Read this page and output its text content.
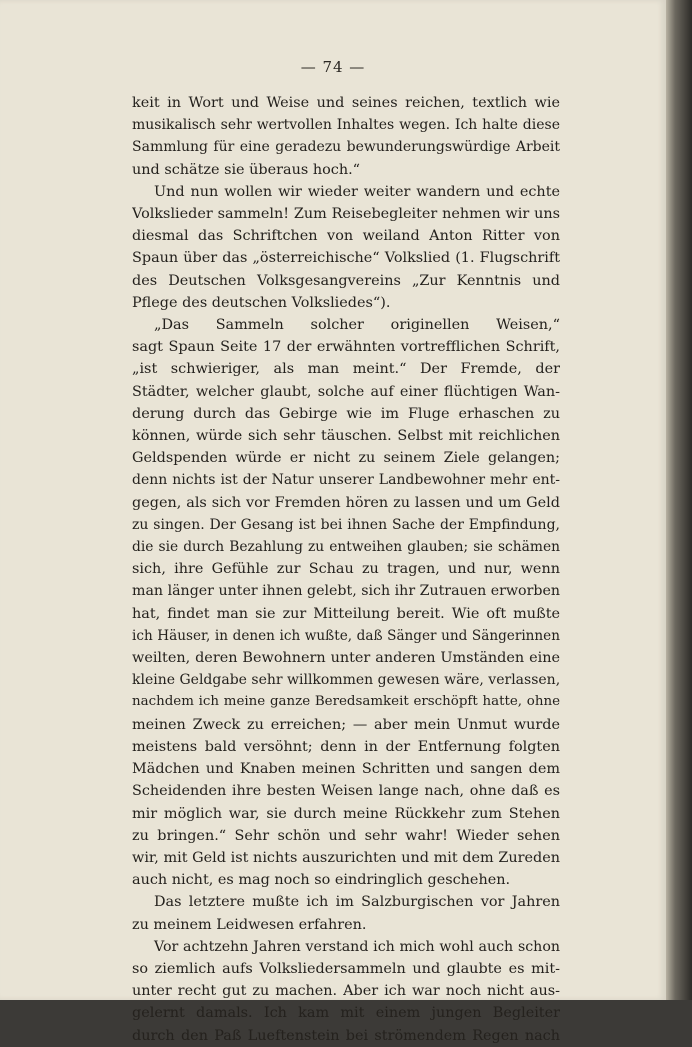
— 74 —
keit in Wort und Weise und seines reichen, textlich wie
musikalisch sehr wertvollen Inhaltes wegen. Ich halte diese
Sammlung für eine geradezu bewunderungswürdige Arbeit
und schätze sie überaus hoch.“
Und nun wollen wir wieder weiter wandern und echte
Volkslieder sammeln! Zum Reisebegleiter nehmen wir uns
diesmal das Schriftchen von weiland Anton Ritter von
Spaun über das „österreichische“ Volkslied (1. Flugschrift
des Deutschen Volksgesangvereins „Zur Kenntnis und
Pflege des deutschen Volksliedes“).
„Das Sammeln solcher originellen Weisen,“
sagt Spaun Seite 17 der erwähnten vortrefflichen Schrift,
„ist schwieriger, als man meint.“ Der Fremde, der
Städter, welcher glaubt, solche auf einer flüchtigen Wan-
derung durch das Gebirge wie im Fluge erhaschen zu
können, würde sich sehr täuschen. Selbst mit reichlichen
Geldspenden würde er nicht zu seinem Ziele gelangen;
denn nichts ist der Natur unserer Landbewohner mehr ent-
gegen, als sich vor Fremden hören zu lassen und um Geld
zu singen. Der Gesang ist bei ihnen Sache der Empfindung,
die sie durch Bezahlung zu entweihen glauben; sie schämen
sich, ihre Gefühle zur Schau zu tragen, und nur, wenn
man länger unter ihnen gelebt, sich ihr Zutrauen erworben
hat, findet man sie zur Mitteilung bereit. Wie oft mußte
ich Häuser, in denen ich wußte, daß Sänger und Sängerinnen
weilten, deren Bewohnern unter anderen Umständen eine
kleine Geldgabe sehr willkommen gewesen wäre, verlassen,
nachdem ich meine ganze Beredsamkeit erschöpft hatte, ohne
meinen Zweck zu erreichen; — aber mein Unmut wurde
meistens bald versöhnt; denn in der Entfernung folgten
Mädchen und Knaben meinen Schritten und sangen dem
Scheidenden ihre besten Weisen lange nach, ohne daß es
mir möglich war, sie durch meine Rückkehr zum Stehen
zu bringen.“ Sehr schön und sehr wahr! Wieder sehen
wir, mit Geld ist nichts auszurichten und mit dem Zureden
auch nicht, es mag noch so eindringlich geschehen.
Das letztere mußte ich im Salzburgischen vor Jahren
zu meinem Leidwesen erfahren.
Vor achtzehn Jahren verstand ich mich wohl auch schon
so ziemlich aufs Volksliedersammeln und glaubte es mit-
unter recht gut zu machen. Aber ich war noch nicht aus-
gelernt damals. Ich kam mit einem jungen Begleiter
durch den Paß Lueftenstein bei strömendem Regen nach
